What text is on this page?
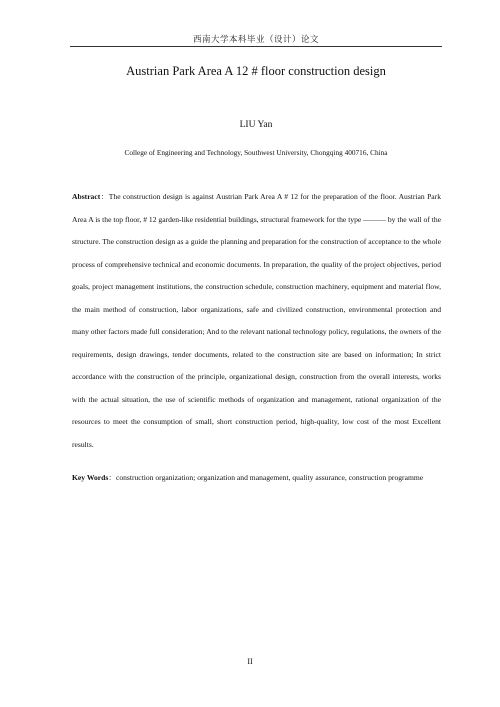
西南大学本科毕业（设计）论文
Austrian Park Area A 12 # floor construction design
LIU Yan
College of Engineering and Technology, Southwest University, Chongqing 400716, China

Abstract：The construction design is against Austrian Park Area A # 12 for the preparation of the floor. Austrian Park Area A is the top floor, # 12 garden-like residential buildings, structural framework for the type ――― by the wall of the structure. The construction design as a guide the planning and preparation for the construction of acceptance to the whole process of comprehensive technical and economic documents. In preparation, the quality of the project objectives, period goals, project management institutions, the construction schedule, construction machinery, equipment and material flow, the main method of construction, labor organizations, safe and civilized construction, environmental protection and many other factors made full consideration; And to the relevant national technology policy, regulations, the owners of the requirements, design drawings, tender documents, related to the construction site are based on information; In strict accordance with the construction of the principle, organizational design, construction from the overall interests, works with the actual situation, the use of scientific methods of organization and management, rational organization of the resources to meet the consumption of small, short construction period, high-quality, low cost of the most Excellent results.

Key Words：construction organization; organization and management, quality assurance, construction programme

II
